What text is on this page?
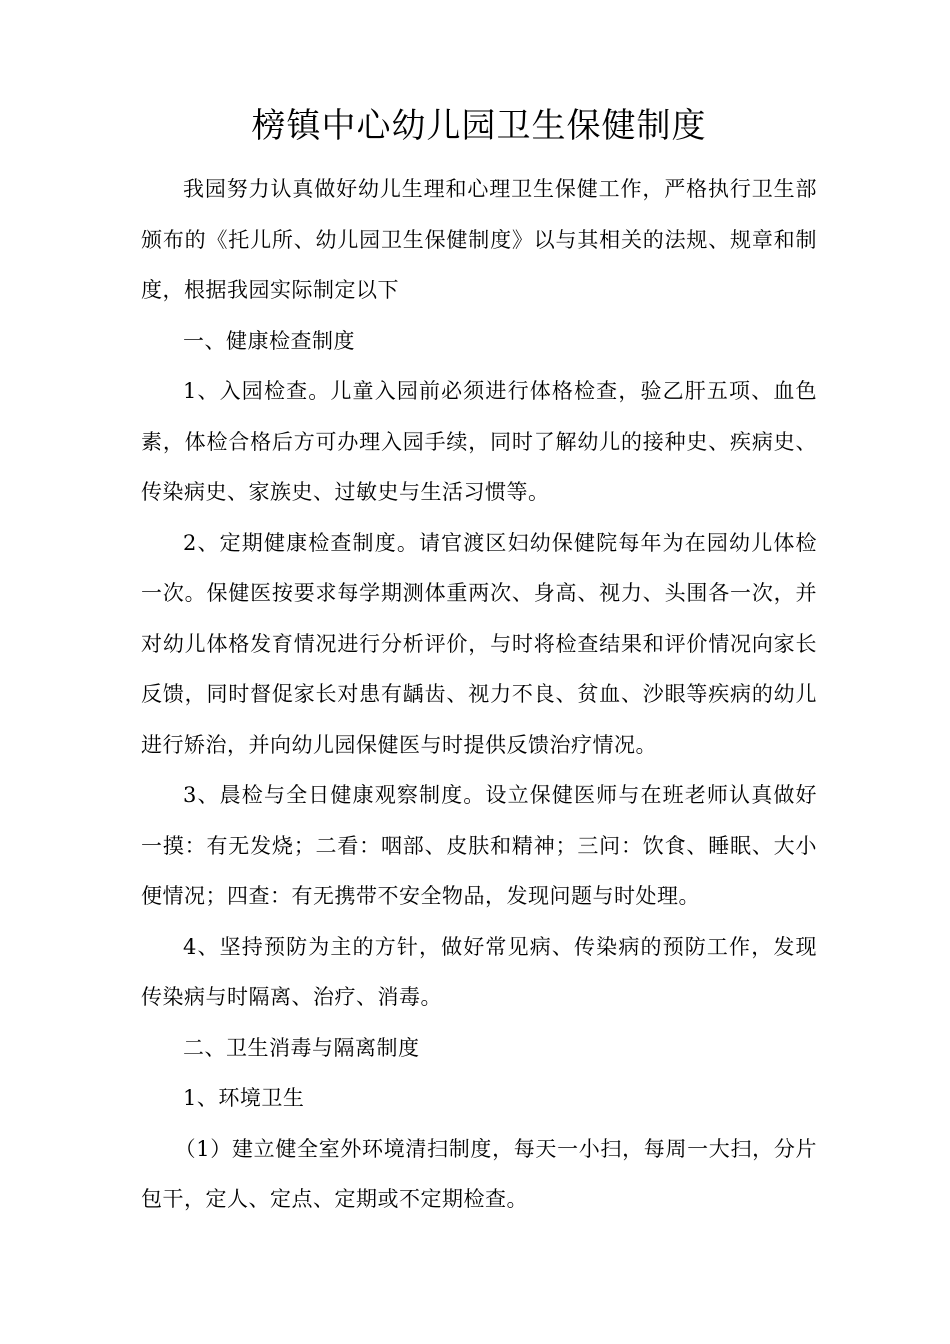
榜镇中心幼儿园卫生保健制度

我园努力认真做好幼儿生理和心理卫生保健工作，严格执行卫生部颁布的《托儿所、幼儿园卫生保健制度》以与其相关的法规、规章和制度，根据我园实际制定以下

一、健康检查制度

1、入园检查。儿童入园前必须进行体格检查，验乙肝五项、血色素，体检合格后方可办理入园手续，同时了解幼儿的接种史、疾病史、传染病史、家族史、过敏史与生活习惯等。

2、定期健康检查制度。请官渡区妇幼保健院每年为在园幼儿体检一次。保健医按要求每学期测体重两次、身高、视力、头围各一次，并对幼儿体格发育情况进行分析评价，与时将检查结果和评价情况向家长反馈，同时督促家长对患有龋齿、视力不良、贫血、沙眼等疾病的幼儿进行矫治，并向幼儿园保健医与时提供反馈治疗情况。

3、晨检与全日健康观察制度。设立保健医师与在班老师认真做好一摸：有无发烧；二看：咽部、皮肤和精神；三问：饮食、睡眠、大小便情况；四查：有无携带不安全物品，发现问题与时处理。

4、坚持预防为主的方针，做好常见病、传染病的预防工作，发现传染病与时隔离、治疗、消毒。

二、卫生消毒与隔离制度

1、环境卫生

（1）建立健全室外环境清扫制度，每天一小扫，每周一大扫，分片包干，定人、定点、定期或不定期检查。
